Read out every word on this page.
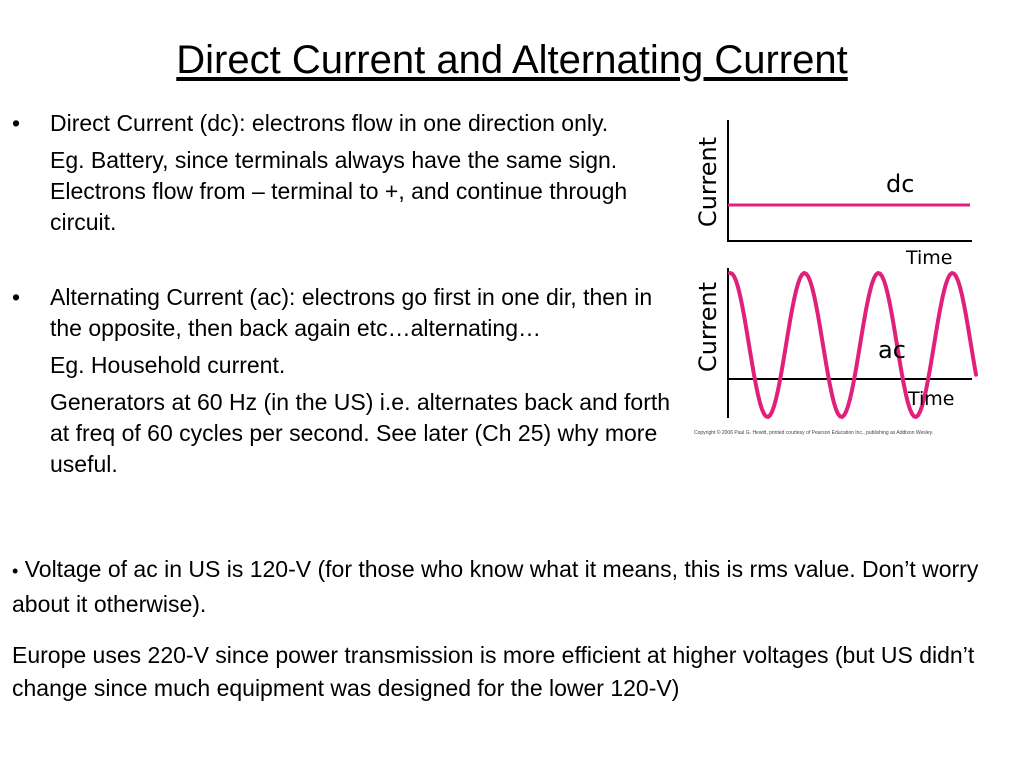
Direct Current and Alternating Current
•	Direct Current (dc): electrons flow in one direction only.
Eg. Battery, since terminals always have the same sign. Electrons flow from – terminal to +, and continue through circuit.
•	Alternating Current (ac): electrons go first in one dir, then in the opposite, then back again etc…alternating…
Eg. Household current.
Generators at 60 Hz (in the US) i.e. alternates back and forth at freq of 60 cycles per second. See later (Ch 25) why more useful.
• Voltage of ac in US is 120-V (for those who know what it means, this is rms value. Don’t worry about it otherwise).
Europe uses 220-V since power transmission is more efficient at higher voltages (but US didn’t change since much equipment was designed for the lower 120-V)
Current	dc
Time
Current	ac
Time
Copyright © 2006 Paul G. Hewitt, printed courtesy of Pearson Education Inc., publishing as Addison Wesley.
